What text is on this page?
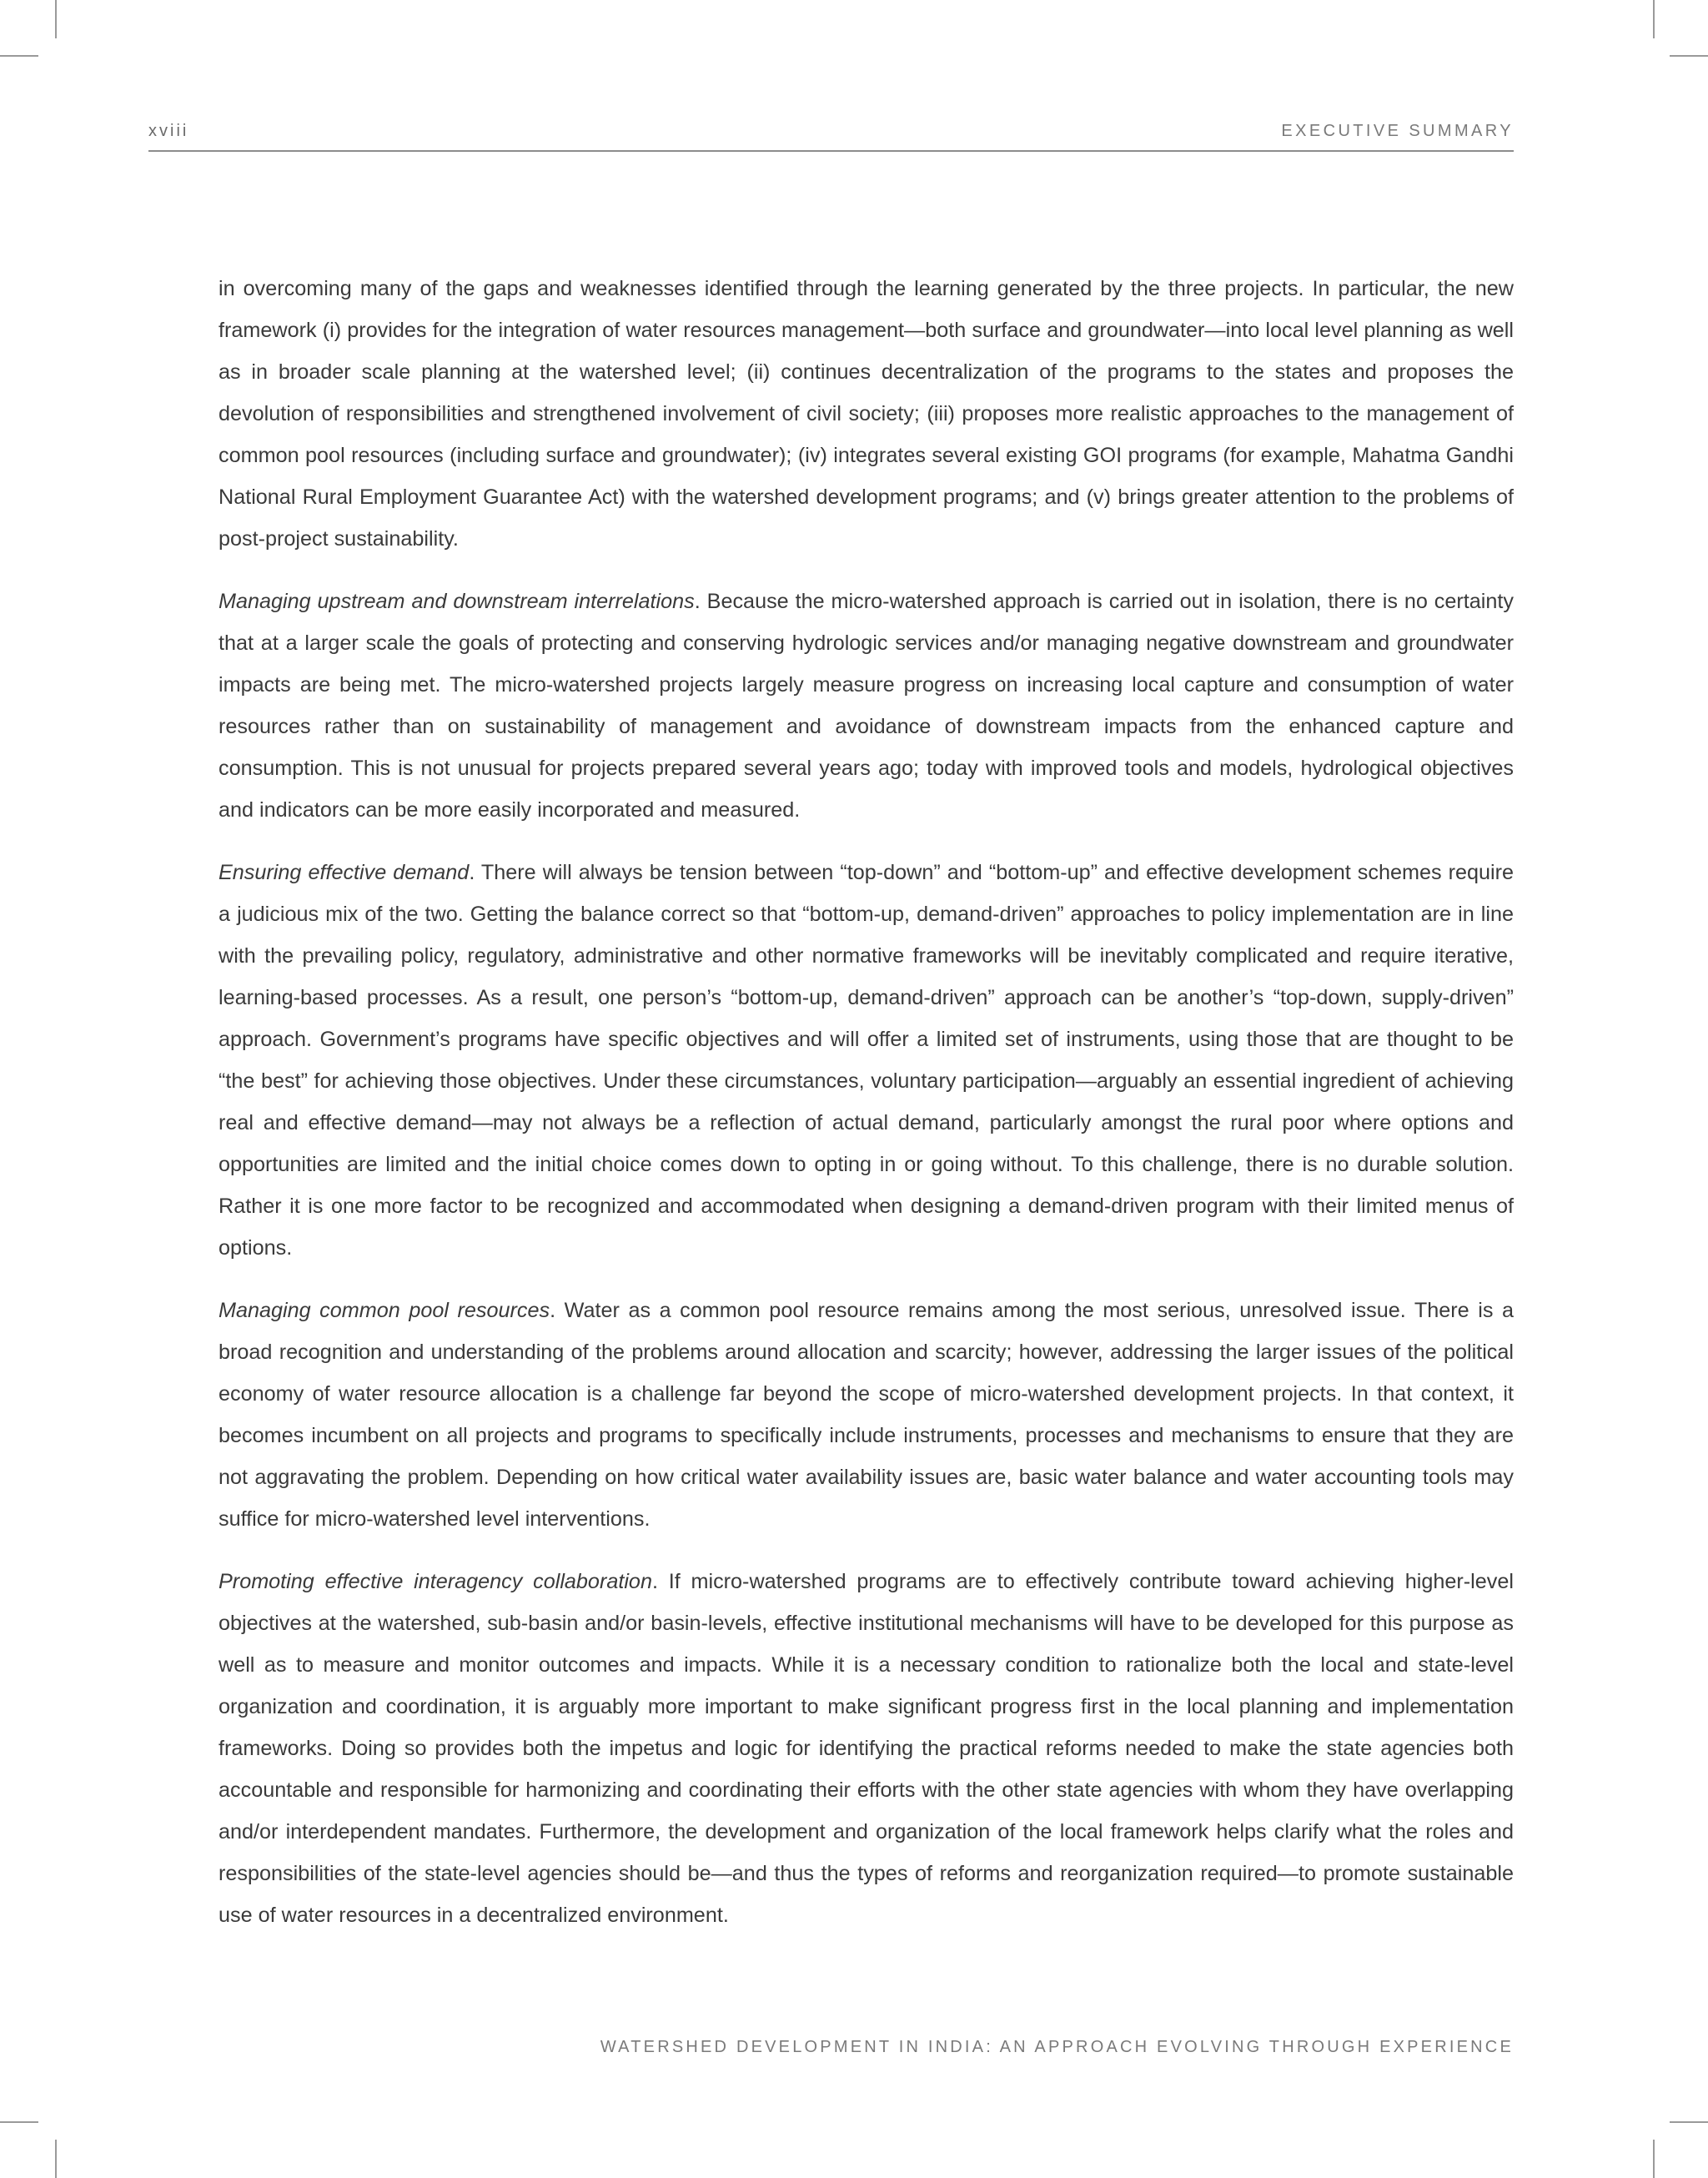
xviii	EXECUTIVE SUMMARY

in overcoming many of the gaps and weaknesses identified through the learning generated by the three projects. In particular, the new framework (i) provides for the integration of water resources management—both surface and groundwater—into local level planning as well as in broader scale planning at the watershed level; (ii) continues decentralization of the programs to the states and proposes the devolution of responsibilities and strengthened involvement of civil society; (iii) proposes more realistic approaches to the management of common pool resources (including surface and groundwater); (iv) integrates several existing GOI programs (for example, Mahatma Gandhi National Rural Employment Guarantee Act) with the watershed development programs; and (v) brings greater attention to the problems of post-project sustainability.

Managing upstream and downstream interrelations. Because the micro-watershed approach is carried out in isolation, there is no certainty that at a larger scale the goals of protecting and conserving hydrologic services and/or managing negative downstream and groundwater impacts are being met. The micro-watershed projects largely measure progress on increasing local capture and consumption of water resources rather than on sustainability of management and avoidance of downstream impacts from the enhanced capture and consumption. This is not unusual for projects prepared several years ago; today with improved tools and models, hydrological objectives and indicators can be more easily incorporated and measured.

Ensuring effective demand. There will always be tension between “top-down” and “bottom-up” and effective development schemes require a judicious mix of the two. Getting the balance correct so that “bottom-up, demand-driven” approaches to policy implementation are in line with the prevailing policy, regulatory, administrative and other normative frameworks will be inevitably complicated and require iterative, learning-based processes. As a result, one person’s “bottom-up, demand-driven” approach can be another’s “top-down, supply-driven” approach. Government’s programs have specific objectives and will offer a limited set of instruments, using those that are thought to be “the best” for achieving those objectives. Under these circumstances, voluntary participation—arguably an essential ingredient of achieving real and effective demand—may not always be a reflection of actual demand, particularly amongst the rural poor where options and opportunities are limited and the initial choice comes down to opting in or going without. To this challenge, there is no durable solution. Rather it is one more factor to be recognized and accommodated when designing a demand-driven program with their limited menus of options.

Managing common pool resources. Water as a common pool resource remains among the most serious, unresolved issue. There is a broad recognition and understanding of the problems around allocation and scarcity; however, addressing the larger issues of the political economy of water resource allocation is a challenge far beyond the scope of micro-watershed development projects. In that context, it becomes incumbent on all projects and programs to specifically include instruments, processes and mechanisms to ensure that they are not aggravating the problem. Depending on how critical water availability issues are, basic water balance and water accounting tools may suffice for micro-watershed level interventions.

Promoting effective interagency collaboration. If micro-watershed programs are to effectively contribute toward achieving higher-level objectives at the watershed, sub-basin and/or basin-levels, effective institutional mechanisms will have to be developed for this purpose as well as to measure and monitor outcomes and impacts. While it is a necessary condition to rationalize both the local and state-level organization and coordination, it is arguably more important to make significant progress first in the local planning and implementation frameworks. Doing so provides both the impetus and logic for identifying the practical reforms needed to make the state agencies both accountable and responsible for harmonizing and coordinating their efforts with the other state agencies with whom they have overlapping and/or interdependent mandates. Furthermore, the development and organization of the local framework helps clarify what the roles and responsibilities of the state-level agencies should be—and thus the types of reforms and reorganization required—to promote sustainable use of water resources in a decentralized environment.

WATERSHED DEVELOPMENT IN INDIA: AN APPROACH EVOLVING THROUGH EXPERIENCE
